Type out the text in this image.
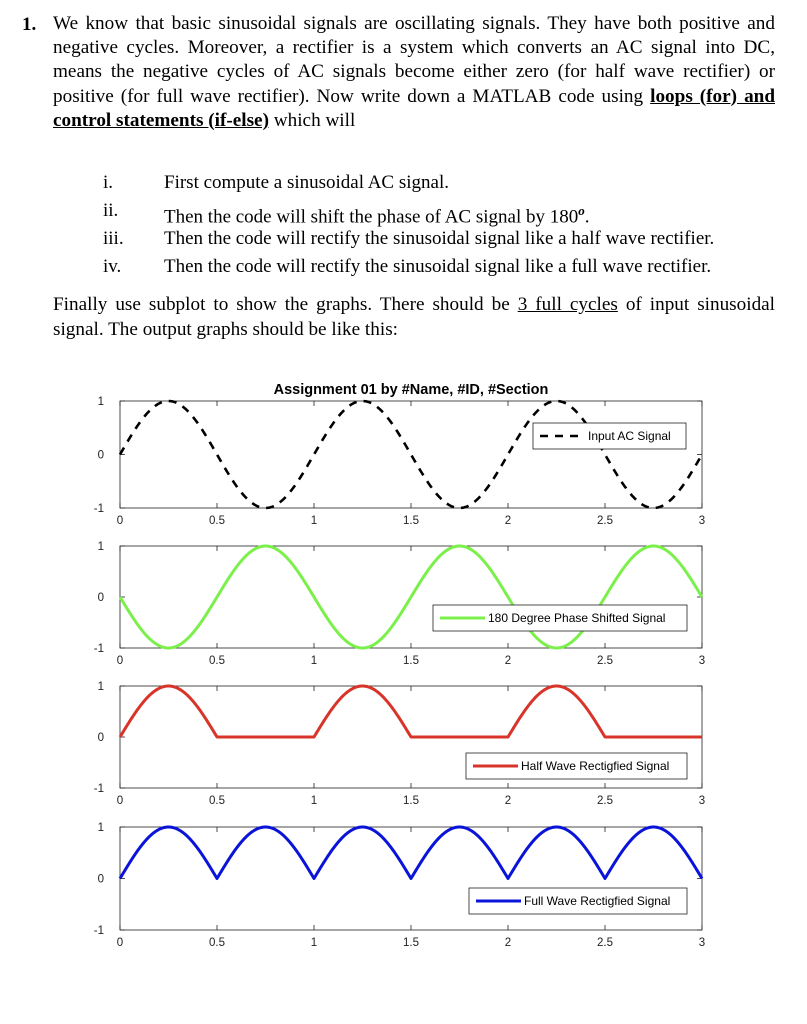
1. We know that basic sinusoidal signals are oscillating signals. They have both positive and negative cycles. Moreover, a rectifier is a system which converts an AC signal into DC, means the negative cycles of AC signals become either zero (for half wave rectifier) or positive (for full wave rectifier). Now write down a MATLAB code using loops (for) and control statements (if-else) which will
i.	First compute a sinusoidal AC signal.
ii. Then the code will shift the phase of AC signal by 180$^o$.
iii. Then the code will rectify the sinusoidal signal like a half wave rectifier.
iv. Then the code will rectify the sinusoidal signal like a full wave rectifier.
Finally use subplot to show the graphs. There should be 3 full cycles of input sinusoidal signal. The output graphs should be like this:
Assignment 01 by #Name, #ID, #Section
0	0.5	1	1.5	2	2.5	3
1
0
-1
Input AC Signal
0	0.5	1	1.5	2	2.5	3
1
0
-1
180 Degree Phase Shifted Signal
0	0.5	1	1.5	2	2.5	3
1
0
-1
Half Wave Rectigfied Signal
0	0.5	1	1.5	2	2.5	3
1
0
-1
Full Wave Rectigfied Signal
